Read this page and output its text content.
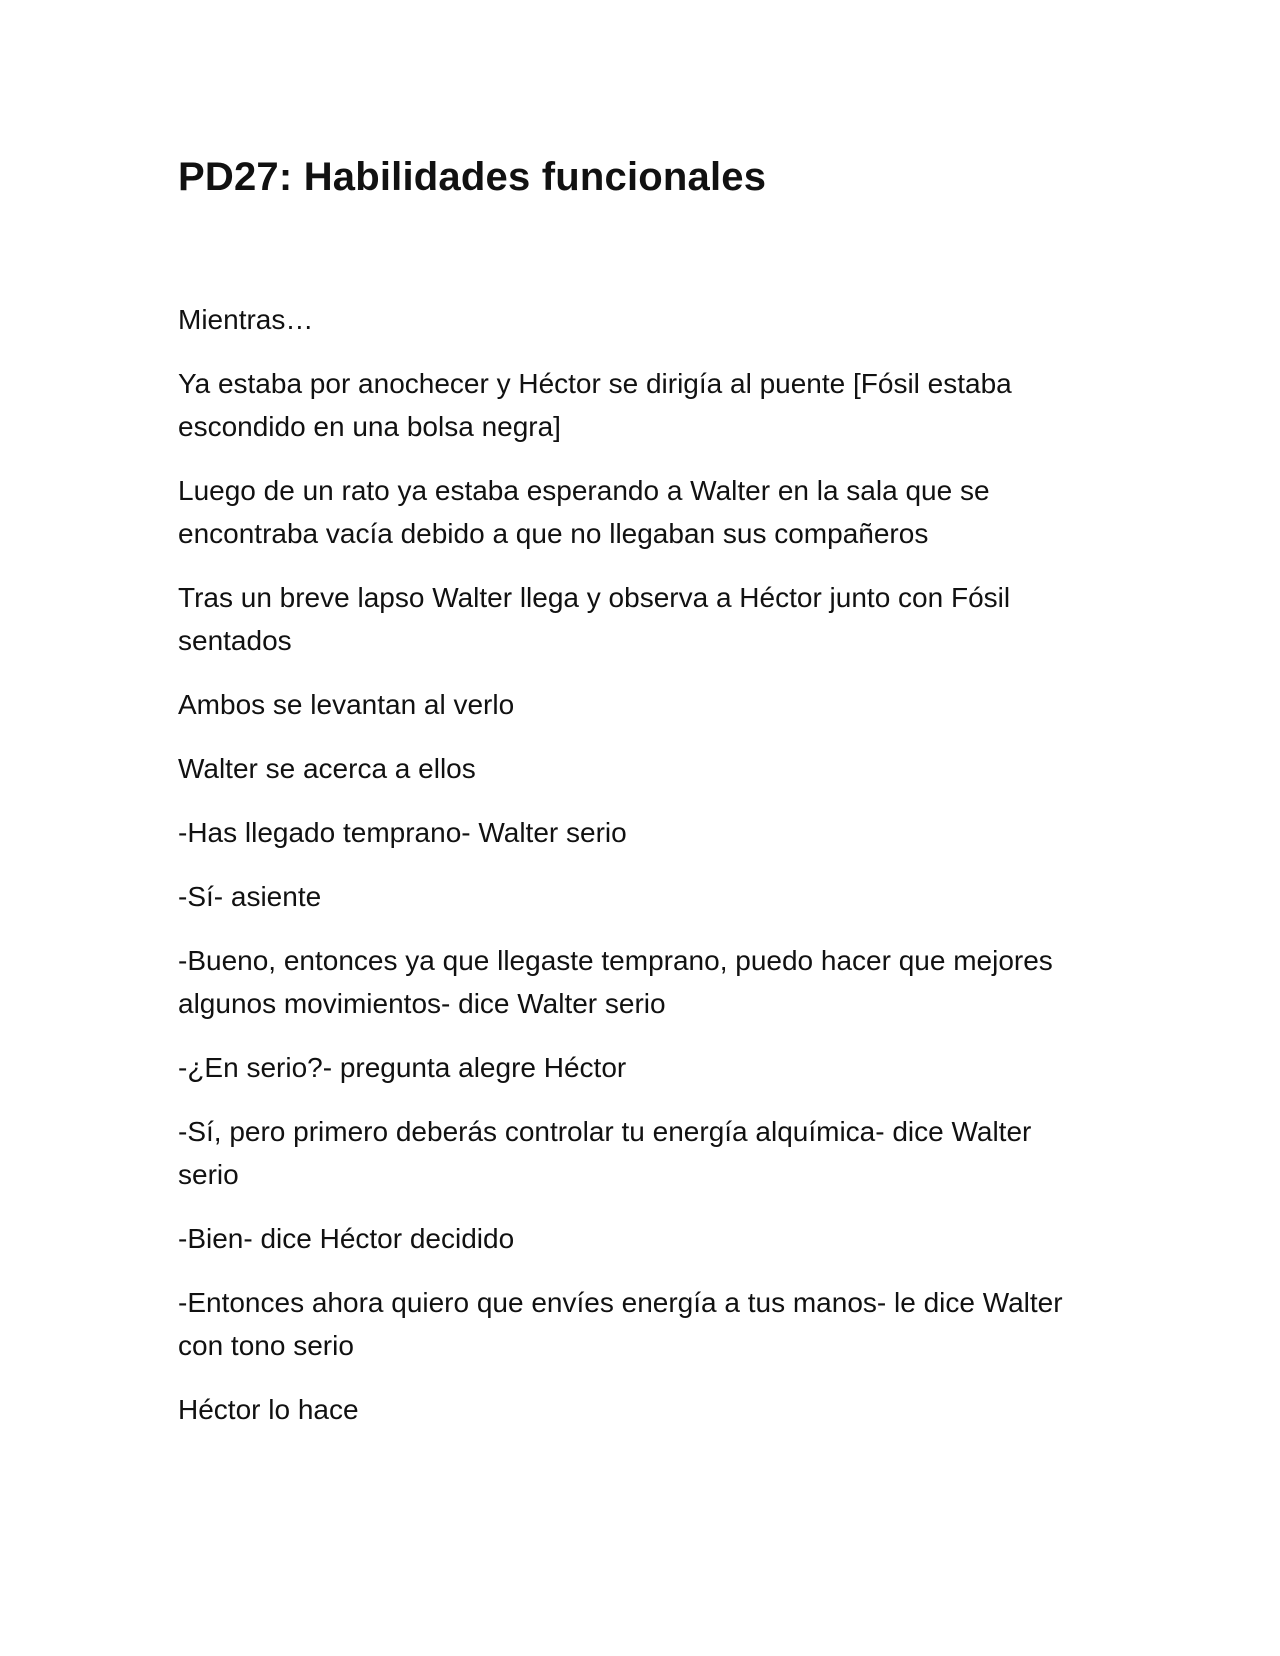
PD27: Habilidades funcionales

Mientras…

Ya estaba por anochecer y Héctor se dirigía al puente [Fósil estaba escondido en una bolsa negra]

Luego de un rato ya estaba esperando a Walter en la sala que se encontraba vacía debido a que no llegaban sus compañeros

Tras un breve lapso Walter llega y observa a Héctor junto con Fósil sentados

Ambos se levantan al verlo

Walter se acerca a ellos

-Has llegado temprano- Walter serio

-Sí- asiente

-Bueno, entonces ya que llegaste temprano, puedo hacer que mejores algunos movimientos- dice Walter serio

-¿En serio?- pregunta alegre Héctor

-Sí, pero primero deberás controlar tu energía alquímica- dice Walter serio

-Bien- dice Héctor decidido

-Entonces ahora quiero que envíes energía a tus manos- le dice Walter con tono serio

Héctor lo hace
